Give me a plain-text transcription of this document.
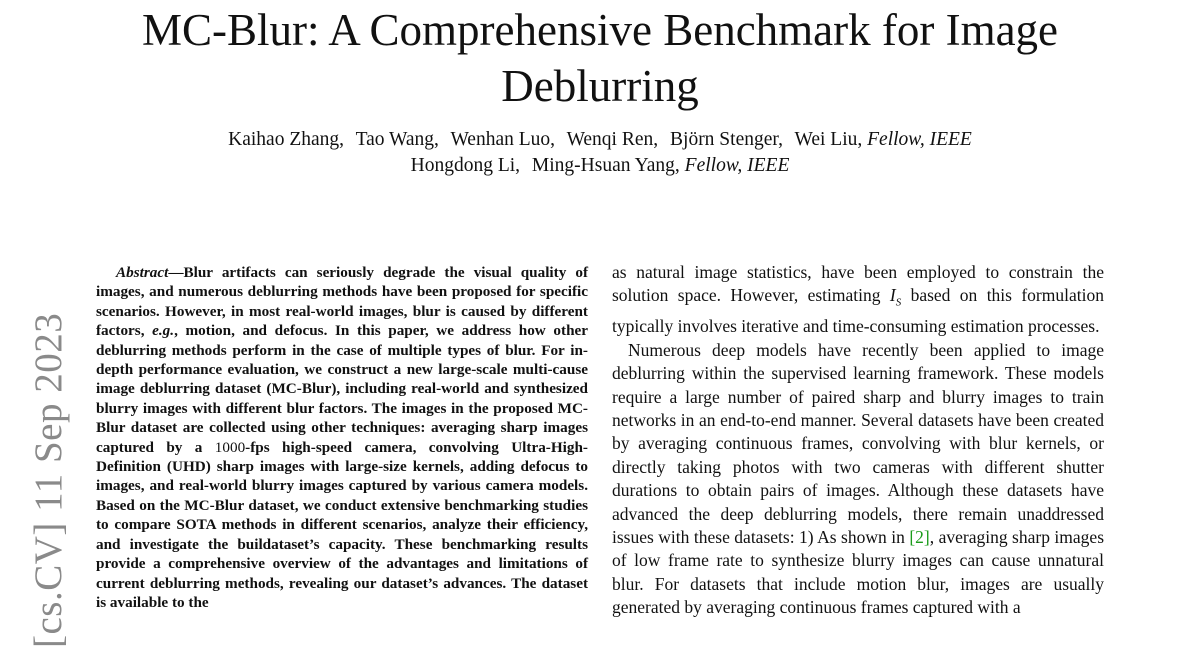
MC-Blur: A Comprehensive Benchmark for Image
Deblurring
Kaihao Zhang, Tao Wang, Wenhan Luo, Wenqi Ren, Björn Stenger, Wei Liu, Fellow, IEEE
Hongdong Li, Ming-Hsuan Yang, Fellow, IEEE
[cs.CV] 11 Sep 2023

Abstract—Blur artifacts can seriously degrade the visual quality of images, and numerous deblurring methods have been proposed for specific scenarios. However, in most real-world images, blur is caused by different factors, e.g., motion, and defocus. In this paper, we address how other deblurring methods perform in the case of multiple types of blur. For in-depth performance evaluation, we construct a new large-scale multi-cause image deblurring dataset (MC-Blur), including real-world and synthesized blurry images with different blur factors. The images in the proposed MC-Blur dataset are collected using other techniques: averaging sharp images captured by a 1000-fps high-speed camera, convolving Ultra-High-Definition (UHD) sharp images with large-size kernels, adding defocus to images, and real-world blurry images captured by various camera models. Based on the MC-Blur dataset, we conduct extensive benchmarking studies to compare SOTA methods in different scenarios, analyze their efficiency, and investigate the buildataset’s capacity. These benchmarking results provide a comprehensive overview of the advantages and limitations of current deblurring methods, revealing our dataset’s advances. The dataset is available to the

as natural image statistics, have been employed to constrain the solution space. However, estimating $I_S$ based on this formulation typically involves iterative and time-consuming estimation processes.

Numerous deep models have recently been applied to image deblurring within the supervised learning framework. These models require a large number of paired sharp and blurry images to train networks in an end-to-end manner. Several datasets have been created by averaging continuous frames, convolving with blur kernels, or directly taking photos with two cameras with different shutter durations to obtain pairs of images. Although these datasets have advanced the deep deblurring models, there remain unaddressed issues with these datasets: 1) As shown in [2], averaging sharp images of low frame rate to synthesize blurry images can cause unnatural blur. For datasets that include motion blur, images are usually generated by averaging continuous frames captured with a
